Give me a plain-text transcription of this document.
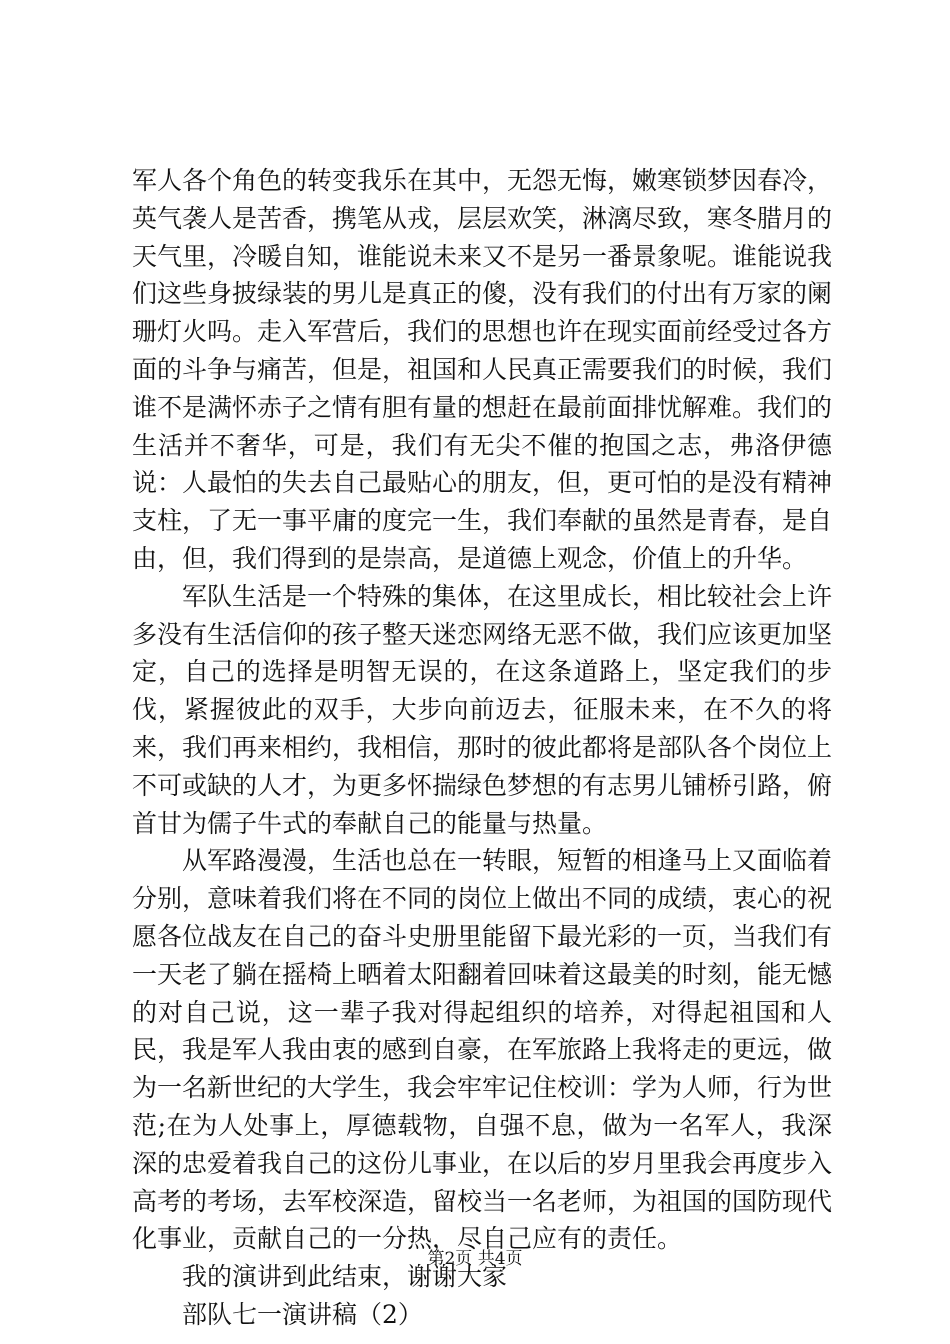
军人各个角色的转变我乐在其中，无怨无悔，嫩寒锁梦因春冷，英气袭人是苦香，携笔从戎，层层欢笑，淋漓尽致，寒冬腊月的天气里，冷暖自知，谁能说未来又不是另一番景象呢。谁能说我们这些身披绿装的男儿是真正的傻，没有我们的付出有万家的阑珊灯火吗。走入军营后，我们的思想也许在现实面前经受过各方面的斗争与痛苦，但是，祖国和人民真正需要我们的时候，我们谁不是满怀赤子之情有胆有量的想赶在最前面排忧解难。我们的生活并不奢华，可是，我们有无尖不催的抱国之志，弗洛伊德说：人最怕的失去自己最贴心的朋友，但，更可怕的是没有精神支柱，了无一事平庸的度完一生，我们奉献的虽然是青春，是自由，但，我们得到的是崇高，是道德上观念，价值上的升华。

军队生活是一个特殊的集体，在这里成长，相比较社会上许多没有生活信仰的孩子整天迷恋网络无恶不做，我们应该更加坚定，自己的选择是明智无误的，在这条道路上，坚定我们的步伐，紧握彼此的双手，大步向前迈去，征服未来，在不久的将来，我们再来相约，我相信，那时的彼此都将是部队各个岗位上不可或缺的人才，为更多怀揣绿色梦想的有志男儿铺桥引路，俯首甘为儒子牛式的奉献自己的能量与热量。

从军路漫漫，生活也总在一转眼，短暂的相逢马上又面临着分别，意味着我们将在不同的岗位上做出不同的成绩，衷心的祝愿各位战友在自己的奋斗史册里能留下最光彩的一页，当我们有一天老了躺在摇椅上晒着太阳翻着回味着这最美的时刻，能无憾的对自己说，这一辈子我对得起组织的培养，对得起祖国和人民，我是军人我由衷的感到自豪，在军旅路上我将走的更远，做为一名新世纪的大学生，我会牢牢记住校训：学为人师，行为世范;在为人处事上，厚德载物，自强不息，做为一名军人，我深深的忠爱着我自己的这份儿事业，在以后的岁月里我会再度步入高考的考场，去军校深造，留校当一名老师，为祖国的国防现代化事业，贡献自己的一分热，尽自己应有的责任。

我的演讲到此结束，谢谢大家

部队七一演讲稿（2）

第2页 共4页
